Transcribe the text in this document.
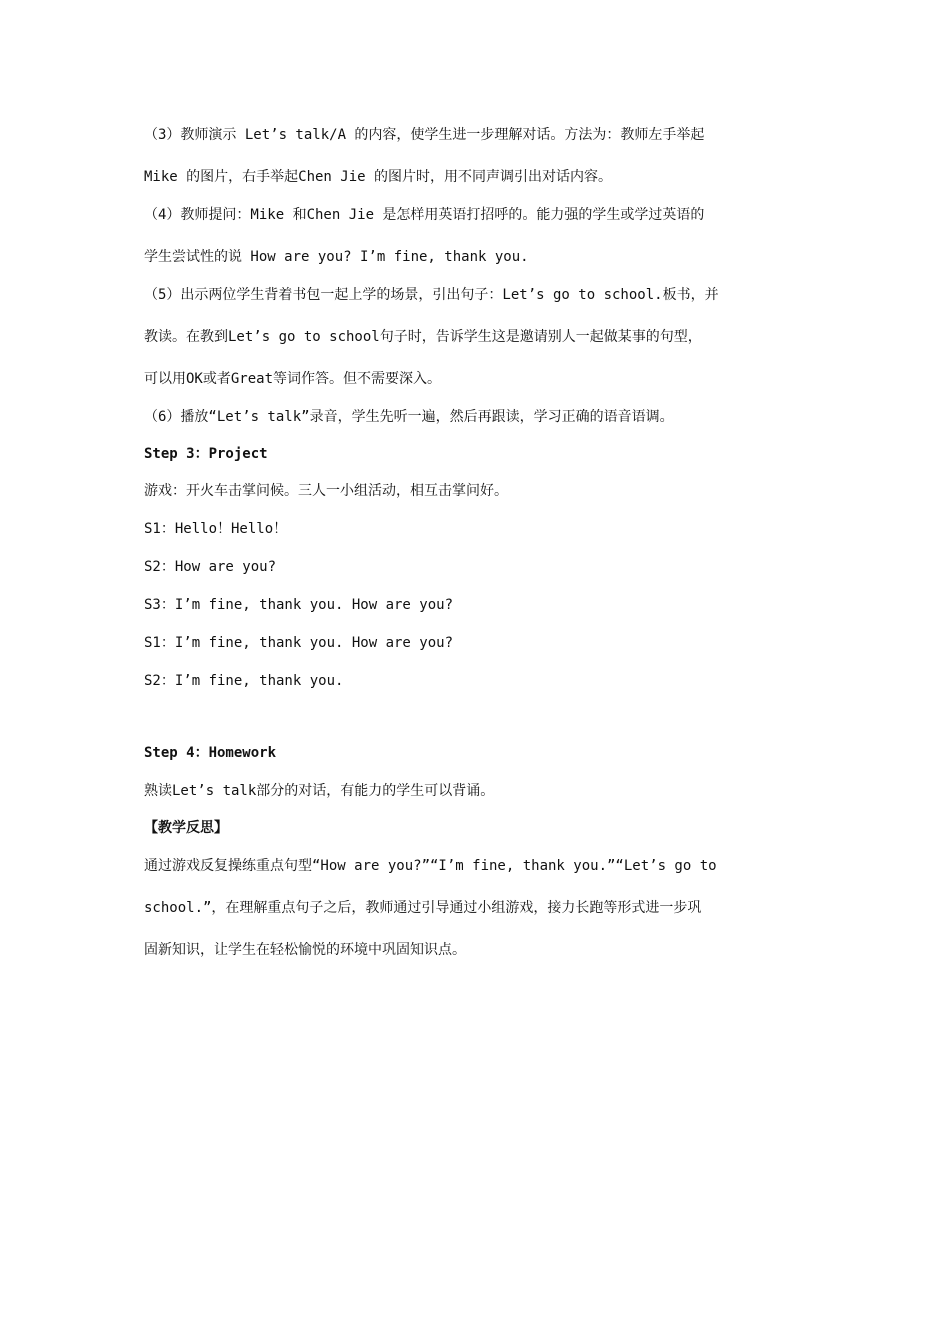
（3）教师演示 Let’s talk/A 的内容，使学生进一步理解对话。方法为：教师左手举起
Mike 的图片，右手举起Chen Jie 的图片时，用不同声调引出对话内容。
（4）教师提问：Mike 和Chen Jie 是怎样用英语打招呼的。能力强的学生或学过英语的
学生尝试性的说 How are you? I’m fine, thank you.
（5）出示两位学生背着书包一起上学的场景，引出句子：Let’s go to school.板书，并
教读。在教到Let’s go to school句子时，告诉学生这是邀请别人一起做某事的句型，
可以用OK或者Great等词作答。但不需要深入。
（6）播放“Let’s talk”录音，学生先听一遍，然后再跟读，学习正确的语音语调。
Step 3：Project
游戏：开火车击掌问候。三人一小组活动，相互击掌问好。
S1：Hello！Hello！
S2：How are you?
S3：I’m fine, thank you. How are you?
S1：I’m fine, thank you. How are you?
S2：I’m fine, thank you.
Step 4：Homework
熟读Let’s talk部分的对话，有能力的学生可以背诵。
【教学反思】
通过游戏反复操练重点句型“How are you?”“I’m fine, thank you.”“Let’s go to
school.”，在理解重点句子之后，教师通过引导通过小组游戏，接力长跑等形式进一步巩
固新知识，让学生在轻松愉悦的环境中巩固知识点。
